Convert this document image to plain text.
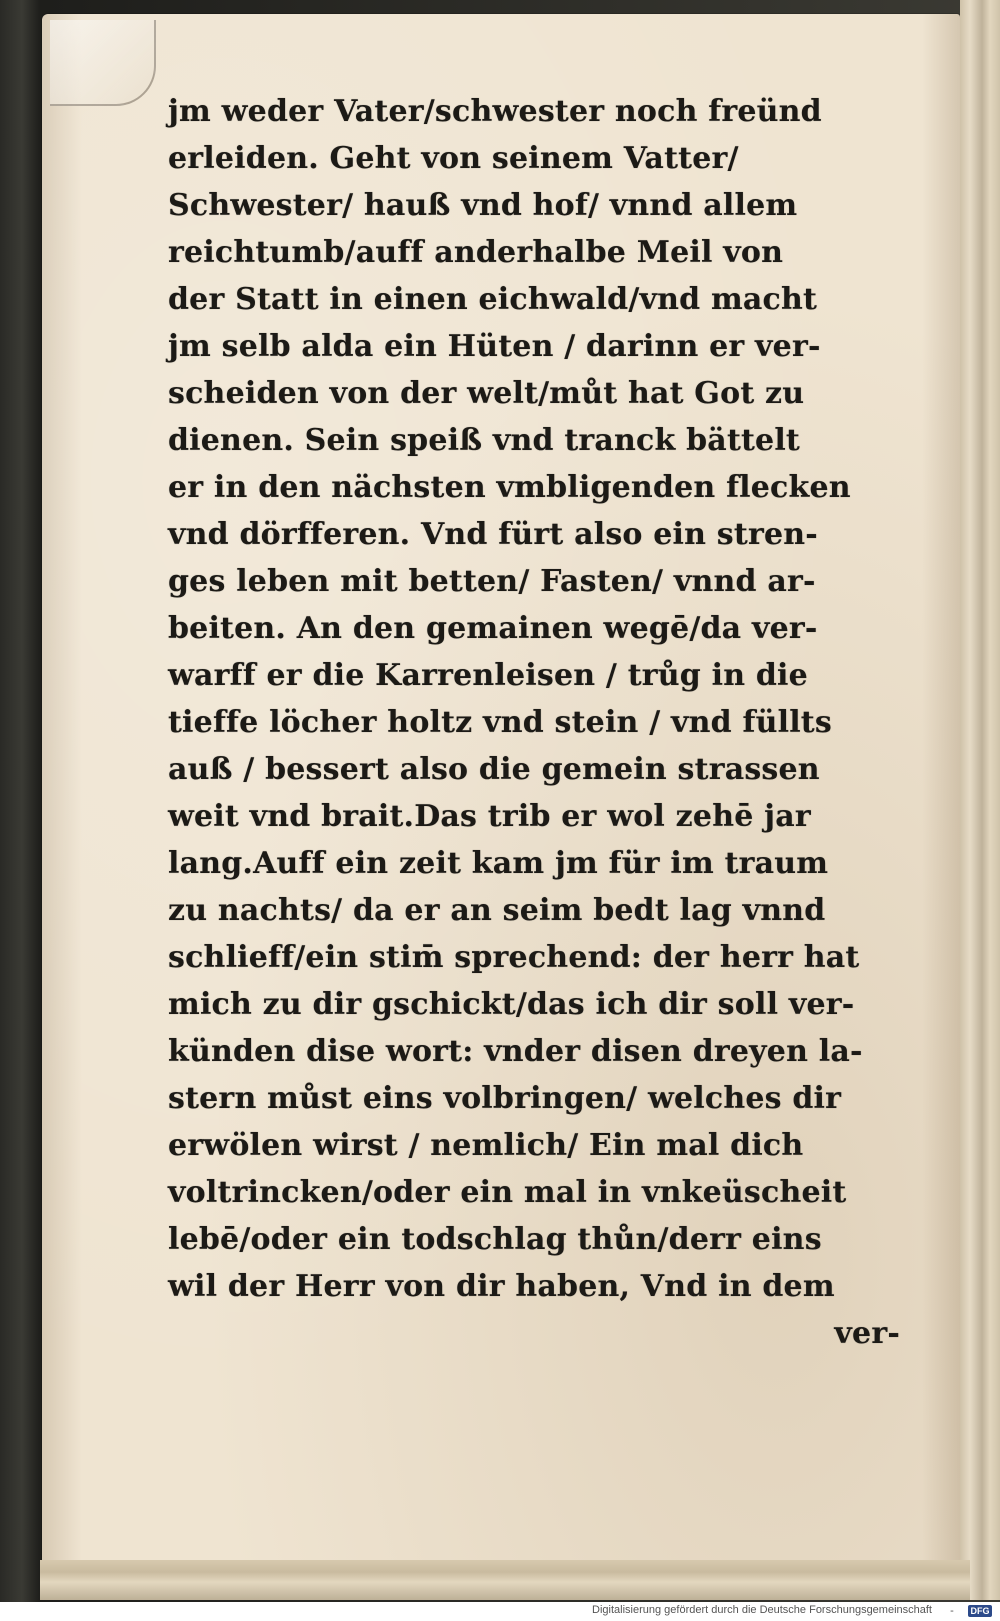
jm weder Vater/schwester noch freünd
erleiden. Geht von seinem Vatter/
Schwester/ hauß vnd hof/ vnnd allem
reichtumb/auff anderhalbe Meil von
der Statt in einen eichwald/vnd macht
jm selb alda ein Hüten / darinn er ver-
scheiden von der welt/můt hat Got zu
dienen. Sein speiß vnd tranck bättelt
er in den nächsten vmbligenden flecken
vnd dörfferen. Vnd fürt also ein stren-
ges leben mit betten/ Fasten/ vnnd ar-
beiten. An den gemainen wegē/da ver-
warff er die Karrenleisen / trůg in die
tieffe löcher holtz vnd stein / vnd füllts
auß / bessert also die gemein strassen
weit vnd brait.Das trib er wol zehē jar
lang.Auff ein zeit kam jm für im traum
zu nachts/ da er an seim bedt lag vnnd
schlieff/ein stim̄ sprechend: der herr hat
mich zu dir gschickt/das ich dir soll ver-
künden dise wort: vnder disen dreyen la-
stern můst eins volbringen/ welches dir
erwölen wirst / nemlich/ Ein mal dich
voltrincken/oder ein mal in vnkeüscheit
lebē/oder ein todschlag thůn/derr eins
wil der Herr von dir haben, Vnd in dem
ver-
Digitalisierung gefördert durch die Deutsche Forschungsgemeinschaft	-	DFG
